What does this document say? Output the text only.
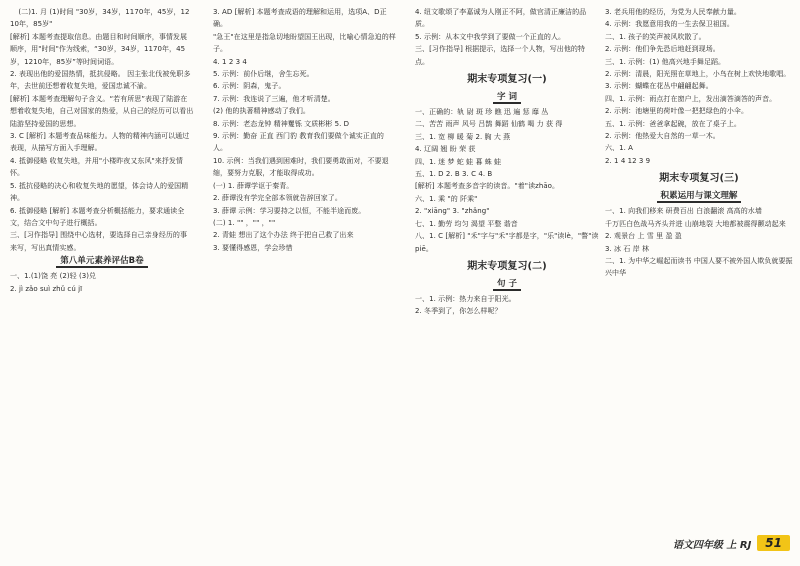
(二)1. 月 (1)时间 "30岁，34岁，1170年，45岁，1210年，85岁"

[解析] 本题考查提取信息。由题目和时间顺序，事情发展顺序，用"时间"作为线索，“30岁，34岁，1170年，45岁，1210年，85岁”等时间词语。

2. 表现出他的爱国热情，抵抗侵略。 因主张北伐被免职多年，去世前还想着收复失地，爱国忠诚不渝。

[解析] 本题考查理解句子含义。“若有所思”表现了陆游在想着收复失地，自己对国家的热爱，从自己的经历可以看出陆游坚持爱国的思想。

3. C [解析] 本题考查品味能力。人物的精神内涵可以通过表现，从描写方面入手理解。

4. 抵御侵略 收复失地，并用"小楼昨夜又东风"来抒发情怀。

5. 抵抗侵略的决心和收复失地的愿望，体会诗人的爱国精神。

6. 抵御侵略 [解析] 本题考查分析概括能力，要求通读全文，结合文中句子进行概括。

三、[习作指导] 围绕中心选材，要选择自己亲身经历的事来写，写出真情实感。

第八单元素养评估B卷

一、1.(1)饶 亮 (2)轻 (3)兑

2. jì zǎo suì zhǔ cú jī

3. AD [解析] 本题考查成语的理解和运用，选项A、D正确。

"急王"在这里是指急切地盼望国王出现，比喻心情急迫的样子。

4. 1 2 3 4

5. 示例：前仆后继，舍生忘死。

6. 示例：阴森，鬼子。

7. 示例：我连说了三遍，他才听清楚。

(2) 他的执著精神感动了我们。

8. 示例：老态龙钟 精神矍铄 文质彬彬 5. D

9. 示例：勤奋 正直 西门豹 教育我们要做个诚实正直的人。

10. 示例：当我们遇到困难时，我们要勇敢面对，不要退缩，要努力克服，才能取得成功。

(一) 1. 薛谭学讴于秦青。

2. 薛谭没有学完全部本领就告辞回家了。

3. 薛谭 示例：学习要持之以恒，不能半途而废。

(二) 1. "" ，"" ，""

2. 青蛙 想出了这个办法 终于把自己救了出来

3. 要懂得感恩，学会珍惜

4. 纽文歌颂了李嘉诚为人刚正不阿，做官清正廉洁的品质。

5. 示例：从本文中我学到了要做一个正直的人。

三、[习作指导] 根据提示，选择一个人物，写出他的特点。

期末专项复习(一)

字 词

一、正确的：轨 尉 斑 珍 瞧 迅 遍 惩 靡 丛

二、苦苦 雨声 风号 吕鹊 舞蹈 仙鹤 喝 力 获 得

三、1. 宽 柳 暖 菊 2. 胸 大 燕

4. 辽阔 翘 盼 荣 获

四、1. 迷 梦 蛇 蛙 暮 蛛 蛙

五、1. D 2. B 3. C 4. B

[解析] 本题考查多音字的读音。"着"读zhāo。

六、1. 乘 "的 阡乘"

2. "xiāng" 3. "zhǎng"

七、1. 勤劳 均匀 渴望 平整 谐音

八、1. C [解析] "禾"字与"禾"字都是字，"乐"读lè，"瞥"读piē。

期末专项复习(二)

句 子

一、1. 示例：热力来自于阳光。

2. 冬季到了，你怎么样呢？

3. 老兵用他的经历，为党为人民奉献力量。

4. 示例：我愿意用我的一生去保卫祖国。

二、1. 孩子的笑声被风吹散了。

2. 示例：他们争先恐后地赶到现场。

三、1. 示例：(1) 他高兴地手舞足蹈。

2. 示例：清晨，阳光照在草地上，小鸟在树上欢快地歌唱。

3. 示例：蝴蝶在花丛中翩翩起舞。

四、1. 示例：雨点打在窗户上，发出滴答滴答的声音。

2. 示例：池塘里的荷叶像一把把绿色的小伞。

五、1. 示例：爸爸拿起碗，放在了桌子上。

2. 示例：他热爱大自然的一草一木。

六、1. A

2. 1 4 12 3 9

期末专项复习(三)

积累运用与课文理解

一、1. 向我们移来 研费百出 白浪翻滚 高高的水墙

千万匹白色战马齐头并进 山崩地裂 大地都被震得颤动起来

2. 观景台 上 雪 里 盈 盈

3. 冰 石 岸 林

二、1. 为中华之崛起而读书 中国人要不被外国人欺负就要振兴中华

语文四年级 上 RJ	51
